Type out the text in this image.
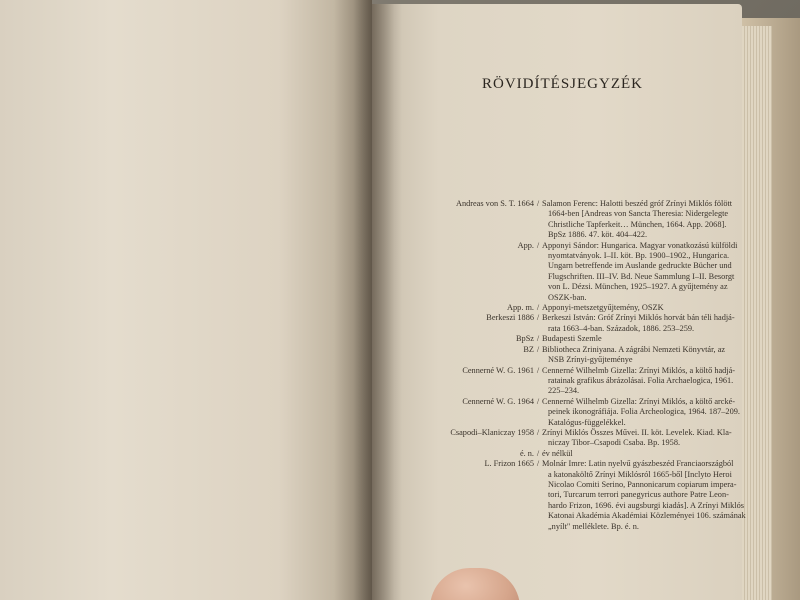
RÖVIDÍTÉSJEGYZÉK
Andreas von S. T. 1664 / Salamon Ferenc: Halotti beszéd gróf Zrínyi Miklós fölött
1664-ben [Andreas von Sancta Theresia: Nidergelegte
Christliche Tapferkeit… München, 1664. App. 2068].
BpSz 1886. 47. köt. 404–422.
App. / Apponyi Sándor: Hungarica. Magyar vonatkozású külföldi
nyomtatványok. I–II. köt. Bp. 1900–1902., Hungarica.
Ungarn betreffende im Auslande gedruckte Bücher und
Flugschriften. III–IV. Bd. Neue Sammlung I–II. Besorgt
von L. Dézsi. München, 1925–1927. A gyűjtemény az
OSZK-ban.
App. m. / Apponyi-metszetgyűjtemény, OSZK
Berkeszi 1886 / Berkeszi István: Gróf Zrínyi Miklós horvát bán téli hadjá-
rata 1663–4-ban. Századok, 1886. 253–259.
BpSz / Budapesti Szemle
BZ / Bibliotheca Zriniyana. A zágrábi Nemzeti Könyvtár, az
NSB Zrínyi-gyűjteménye
Cennerné W. G. 1961 / Cennerné Wilhelmb Gizella: Zrínyi Miklós, a költő hadjá-
ratainak grafikus ábrázolásai. Folia Archaelogica, 1961.
225–234.
Cennerné W. G. 1964 / Cennerné Wilhelmb Gizella: Zrínyi Miklós, a költő arcké-
peinek ikonográfiája. Folia Archeologica, 1964. 187–209.
Katalógus-függelékkel.
Csapodi–Klaniczay 1958 / Zrínyi Miklós Összes Művei. II. köt. Levelek. Kiad. Kla-
niczay Tibor–Csapodi Csaba. Bp. 1958.
é. n. / év nélkül
L. Frizon 1665 / Molnár Imre: Latin nyelvű gyászbeszéd Franciaországból
a katonaköltő Zrínyi Miklósról 1665-ből [Inclyto Heroi
Nicolao Comiti Serino, Pannonicarum copiarum impera-
tori, Turcarum terrori panegyricus authore Patre Leon-
hardo Frizon, 1696. évi augsburgi kiadás]. A Zrínyi Miklós
Katonai Akadémia Akadémiai Közleményei 106. számának
„nyílt" melléklete. Bp. é. n.
